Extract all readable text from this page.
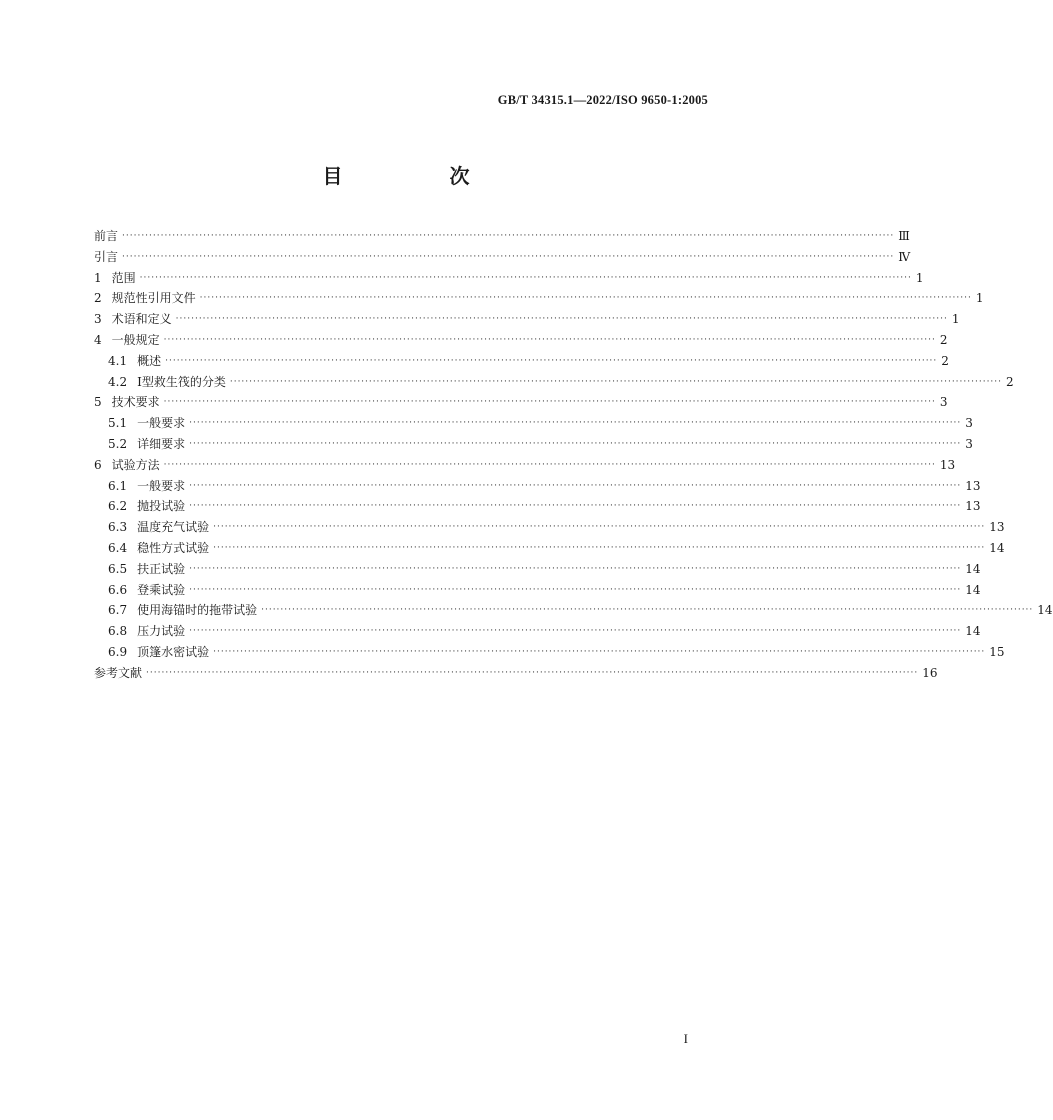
GB/T 34315.1—2022/ISO 9650-1:2005
目 次
前言 ········································································································································································································ Ⅲ
引言 ········································································································································································································ Ⅳ
1 范围 ········································································································································································································ 1
2 规范性引用文件 ········································································································································································································ 1
3 术语和定义 ········································································································································································································ 1
4 一般规定 ········································································································································································································ 2
4.1 概述 ········································································································································································································ 2
4.2 Ⅰ型救生筏的分类 ········································································································································································································ 2
5 技术要求 ········································································································································································································ 3
5.1 一般要求 ········································································································································································································ 3
5.2 详细要求 ········································································································································································································ 3
6 试验方法 ········································································································································································································ 13
6.1 一般要求 ········································································································································································································ 13
6.2 抛投试验 ········································································································································································································ 13
6.3 温度充气试验 ········································································································································································································ 13
6.4 稳性方式试验 ········································································································································································································ 14
6.5 扶正试验 ········································································································································································································ 14
6.6 登乘试验 ········································································································································································································ 14
6.7 使用海锚时的拖带试验 ········································································································································································································ 14
6.8 压力试验 ········································································································································································································ 14
6.9 顶篷水密试验 ········································································································································································································ 15
参考文献 ········································································································································································································ 16
I
